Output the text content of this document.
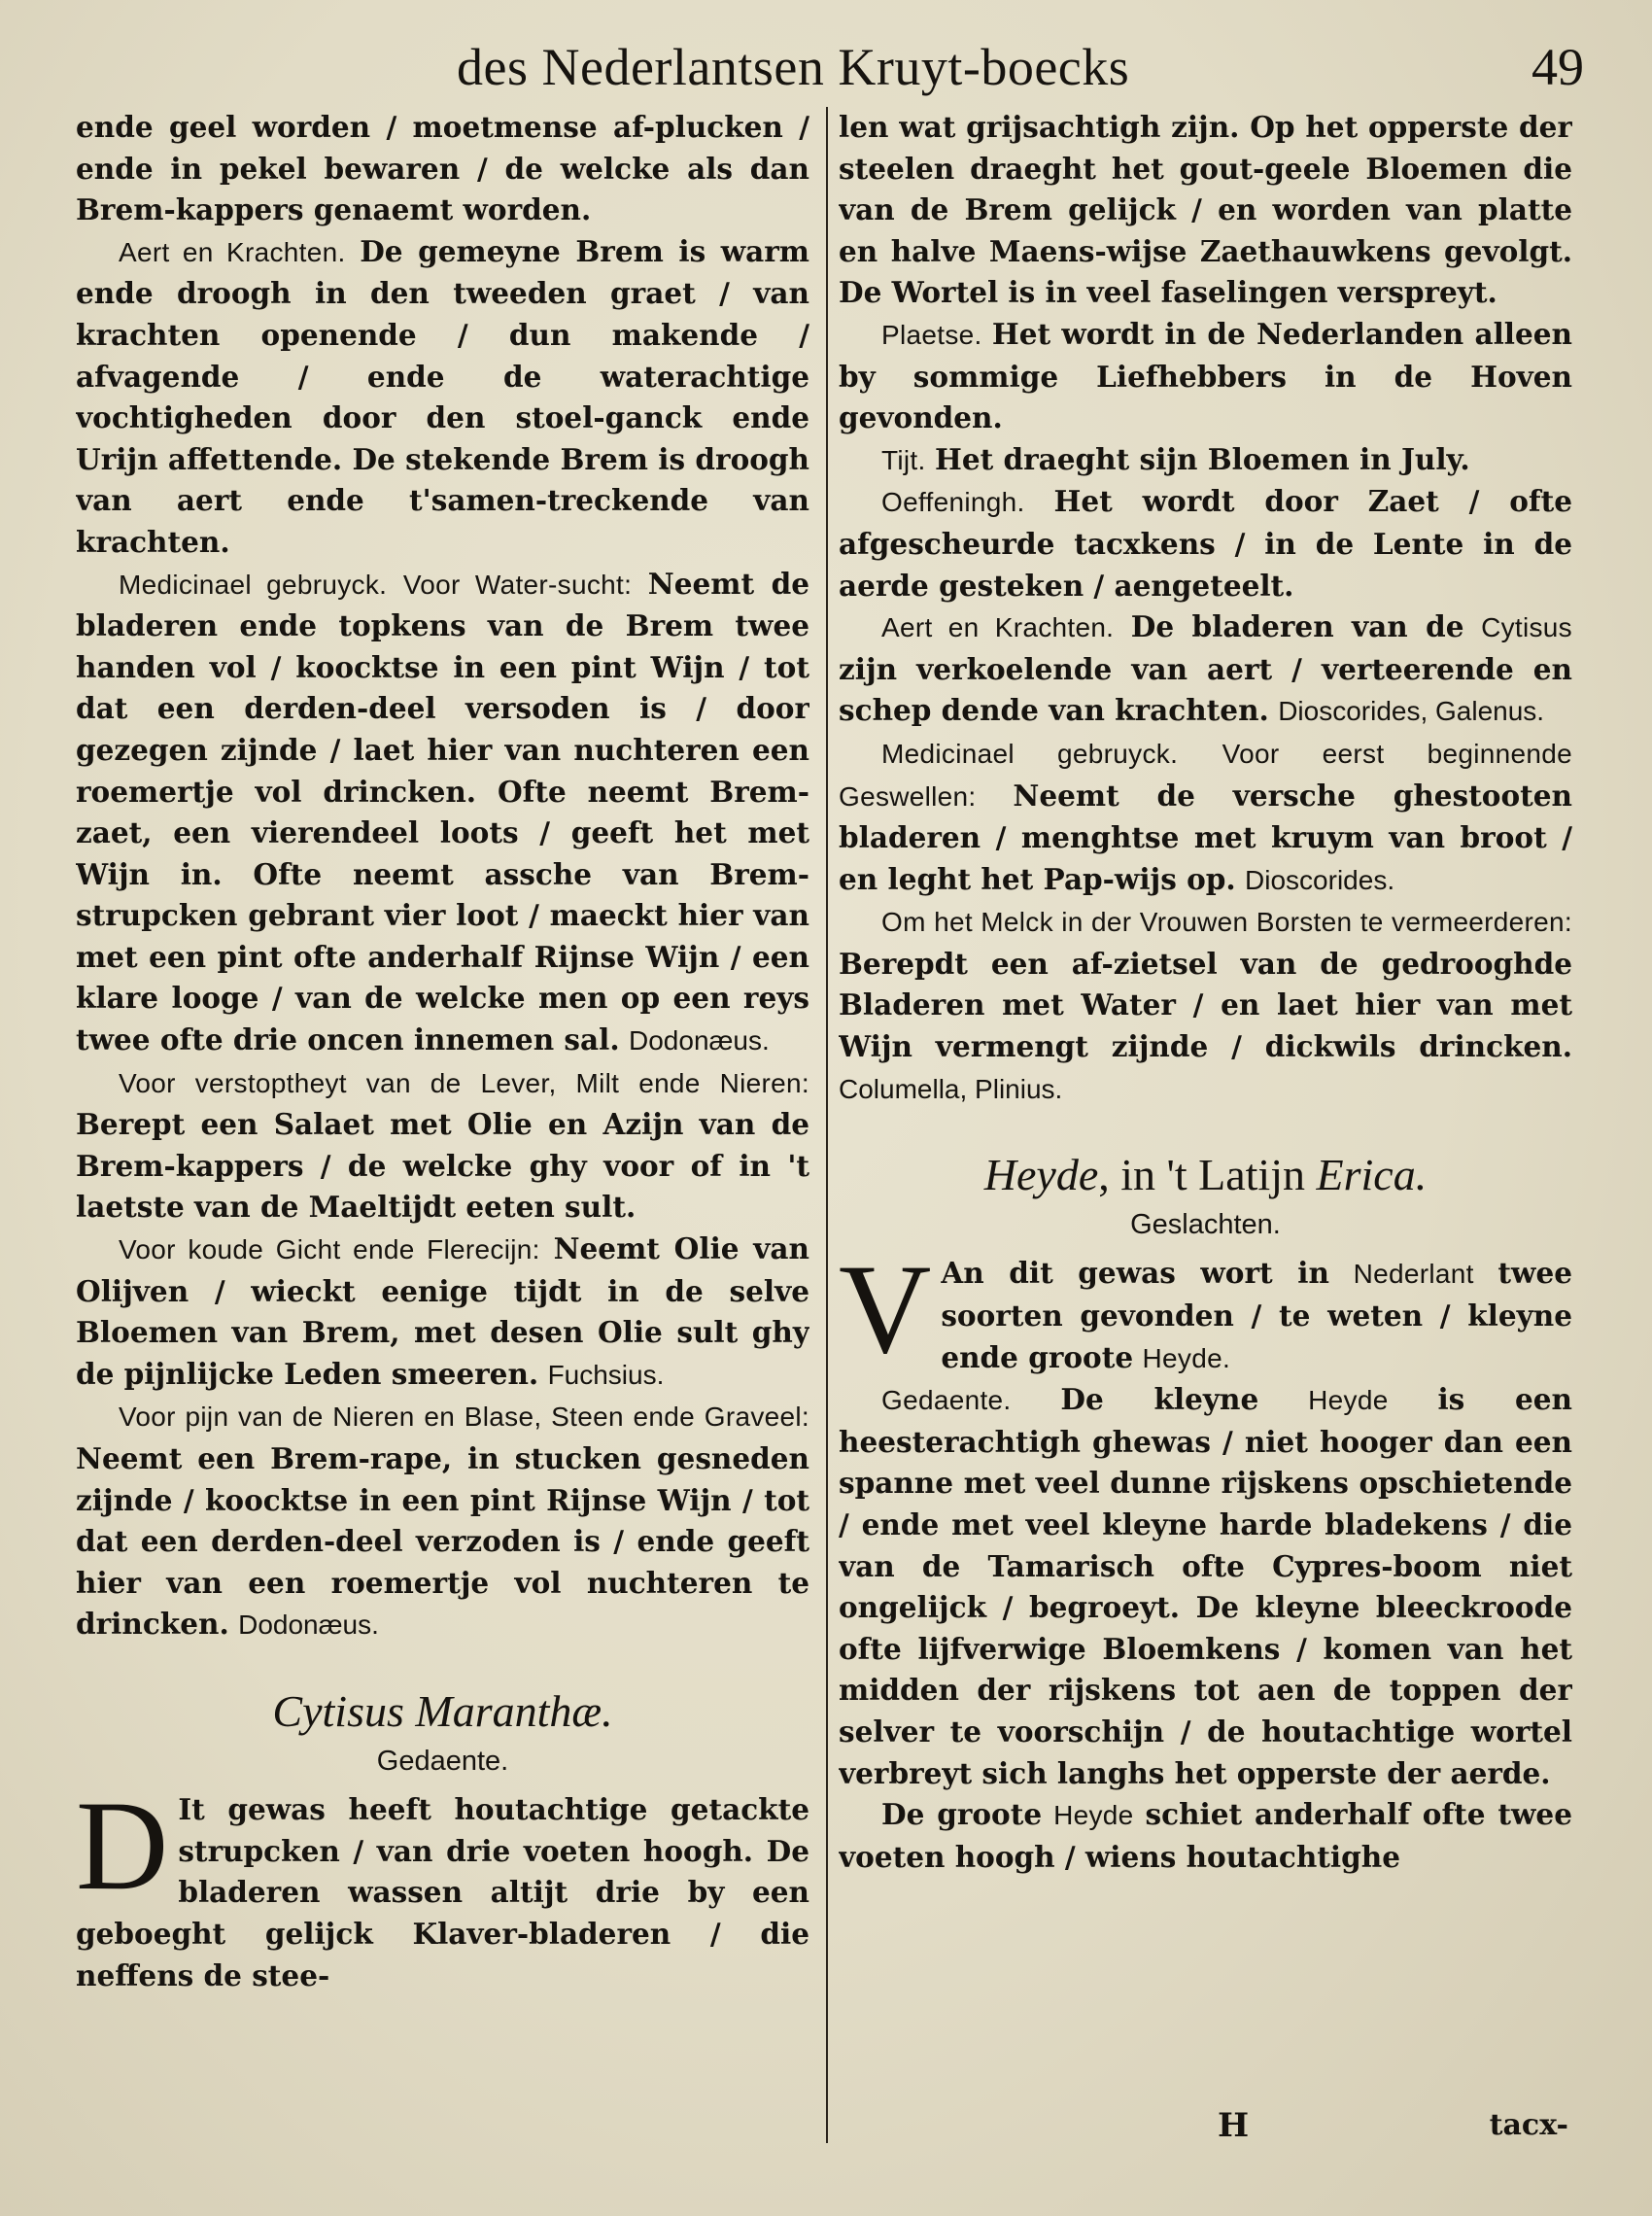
des Nederlantsen Kruyt-boecks	49

ende geel worden / moetmense af-plucken / ende in pekel bewaren / de welcke als dan Brem-kappers genaemt worden.

Aert en Krachten. De gemeyne Brem is warm ende droogh in den tweeden graet / van krachten openende / dun makende / afvagende / ende de waterachtige vochtigheden door den stoel-ganck ende Urijn affettende. De stekende Brem is droogh van aert ende t'samen-treckende van krachten.

Medicinael gebruyck. Voor Water-sucht: Neemt de bladeren ende topkens van de Brem twee handen vol / koocktse in een pint Wijn / tot dat een derden-deel versoden is / door gezegen zijnde / laet hier van nuchteren een roemertje vol drincken. Ofte neemt Brem-zaet, een vierendeel loots / geeft het met Wijn in. Ofte neemt assche van Brem-strupcken gebrant vier loot / maeckt hier van met een pint ofte anderhalf Rijnse Wijn / een klare looge / van de welcke men op een reys twee ofte drie oncen innemen sal. Dodonæus.

Voor verstoptheyt van de Lever, Milt ende Nieren: Berept een Salaet met Olie en Azijn van de Brem-kappers / de welcke ghy voor of in 't laetste van de Maeltijdt eeten sult.

Voor koude Gicht ende Flerecijn: Neemt Olie van Olijven / wieckt eenige tijdt in de selve Bloemen van Brem, met desen Olie sult ghy de pijnlijcke Leden smeeren. Fuchsius.

Voor pijn van de Nieren en Blase, Steen ende Graveel: Neemt een Brem-rape, in stucken gesneden zijnde / koocktse in een pint Rijnse Wijn / tot dat een derden-deel verzoden is / ende geeft hier van een roemertje vol nuchteren te drincken. Dodonæus.

Cytisus Maranthæ.

Gedaente.

D It gewas heeft houtachtige getackte strupcken / van drie voeten hoogh. De bladeren wassen altijt drie by een geboeght gelijck Klaver-bladeren / die neffens de stee-

len wat grijsachtigh zijn. Op het opperste der steelen draeght het gout-geele Bloemen die van de Brem gelijck / en worden van platte en halve Maens-wijse Zaethauwkens gevolgt. De Wortel is in veel faselingen verspreyt.

Plaetse. Het wordt in de Nederlanden alleen by sommige Liefhebbers in de Hoven gevonden.

Tijt. Het draeght sijn Bloemen in July.

Oeffeningh. Het wordt door Zaet / ofte afgescheurde tacxkens / in de Lente in de aerde gesteken / aengeteelt.

Aert en Krachten. De bladeren van de Cytisus zijn verkoelende van aert / verteerende en schep dende van krachten. Dioscorides, Galenus.

Medicinael gebruyck. Voor eerst beginnende Geswellen: Neemt de versche ghestooten bladeren / menghtse met kruym van broot / en leght het Pap-wijs op. Dioscorides.

Om het Melck in der Vrouwen Borsten te vermeerderen: Berepdt een af-zietsel van de gedrooghde Bladeren met Water / en laet hier van met Wijn vermengt zijnde / dickwils drincken. Columella, Plinius.

Heyde, in 't Latijn Erica.

Geslachten.

V An dit gewas wort in Nederlant twee soorten gevonden / te weten / kleyne ende groote Heyde.

Gedaente. De kleyne Heyde is een heesterachtigh ghewas / niet hooger dan een spanne met veel dunne rijskens opschietende / ende met veel kleyne harde bladekens / die van de Tamarisch ofte Cypres-boom niet ongelijck / begroeyt. De kleyne bleeckroode ofte lijfverwige Bloemkens / komen van het midden der rijskens tot aen de toppen der selver te voorschijn / de houtachtige wortel verbreyt sich langhs het opperste der aerde.

De groote Heyde schiet anderhalf ofte twee voeten hoogh / wiens houtachtighe

H	tacx-
